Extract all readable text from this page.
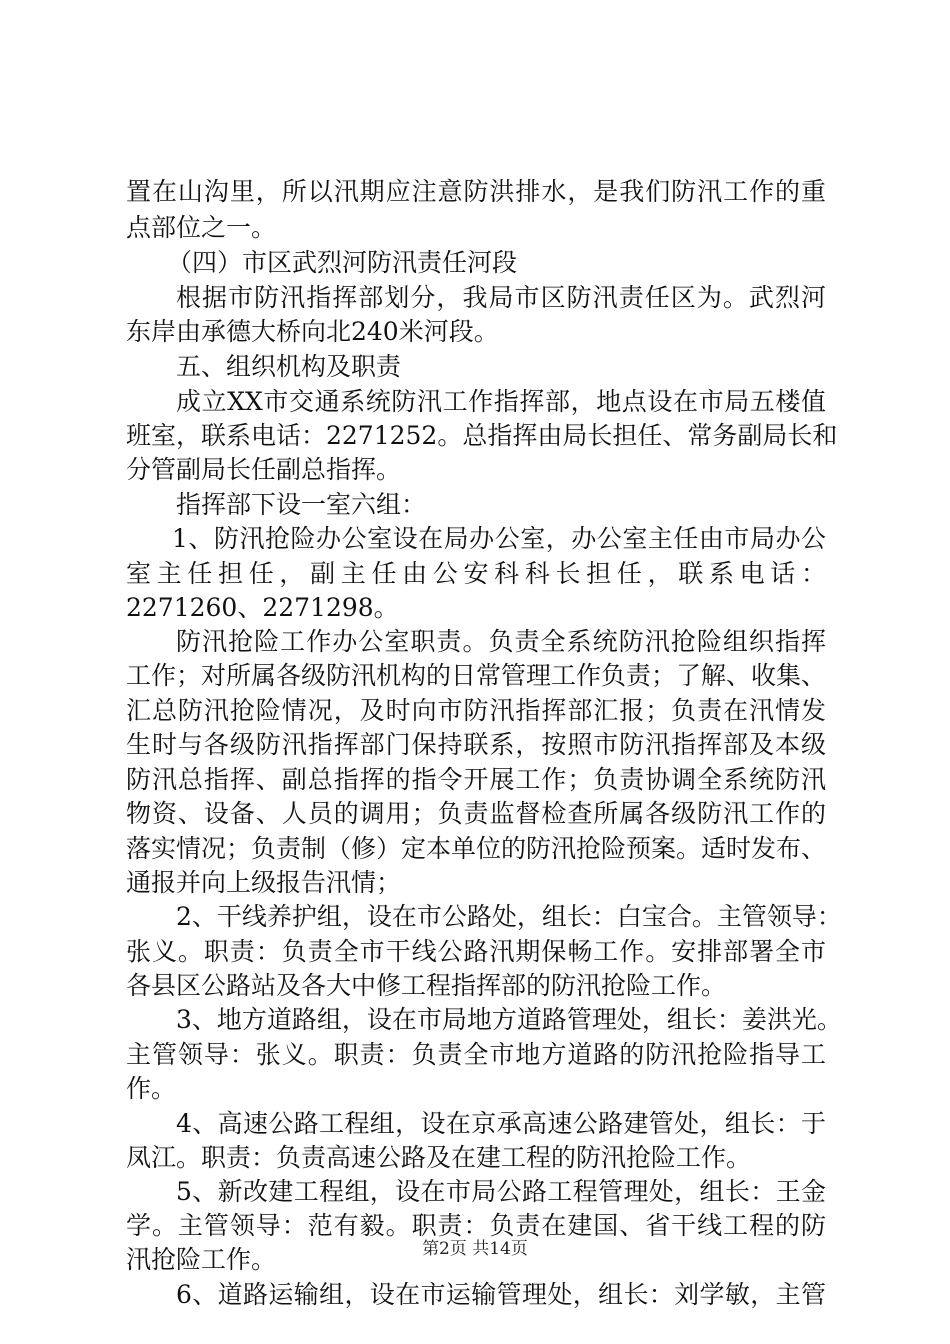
置在山沟里，所以汛期应注意防洪排水，是我们防汛工作的重
点部位之一。
（四）市区武烈河防汛责任河段
根据市防汛指挥部划分，我局市区防汛责任区为。武烈河
东岸由承德大桥向北240米河段。
五、组织机构及职责
成立XX市交通系统防汛工作指挥部，地点设在市局五楼值
班室，联系电话：2271252。总指挥由局长担任、常务副局长和
分管副局长任副总指挥。
指挥部下设一室六组：
1、防汛抢险办公室设在局办公室，办公室主任由市局办公
室主任担任，副主任由公安科科长担任，联系电话：
2271260、2271298。
防汛抢险工作办公室职责。负责全系统防汛抢险组织指挥
工作；对所属各级防汛机构的日常管理工作负责；了解、收集、
汇总防汛抢险情况，及时向市防汛指挥部汇报；负责在汛情发
生时与各级防汛指挥部门保持联系，按照市防汛指挥部及本级
防汛总指挥、副总指挥的指令开展工作；负责协调全系统防汛
物资、设备、人员的调用；负责监督检查所属各级防汛工作的
落实情况；负责制（修）定本单位的防汛抢险预案。适时发布、
通报并向上级报告汛情；
2、干线养护组，设在市公路处，组长：白宝合。主管领导：
张义。职责：负责全市干线公路汛期保畅工作。安排部署全市
各县区公路站及各大中修工程指挥部的防汛抢险工作。
3、地方道路组，设在市局地方道路管理处，组长：姜洪光。
主管领导：张义。职责：负责全市地方道路的防汛抢险指导工
作。
4、高速公路工程组，设在京承高速公路建管处，组长：于
凤江。职责：负责高速公路及在建工程的防汛抢险工作。
5、新改建工程组，设在市局公路工程管理处，组长：王金
学。主管领导：范有毅。职责：负责在建国、省干线工程的防
汛抢险工作。
6、道路运输组，设在市运输管理处，组长：刘学敏，主管
第2页 共14页
